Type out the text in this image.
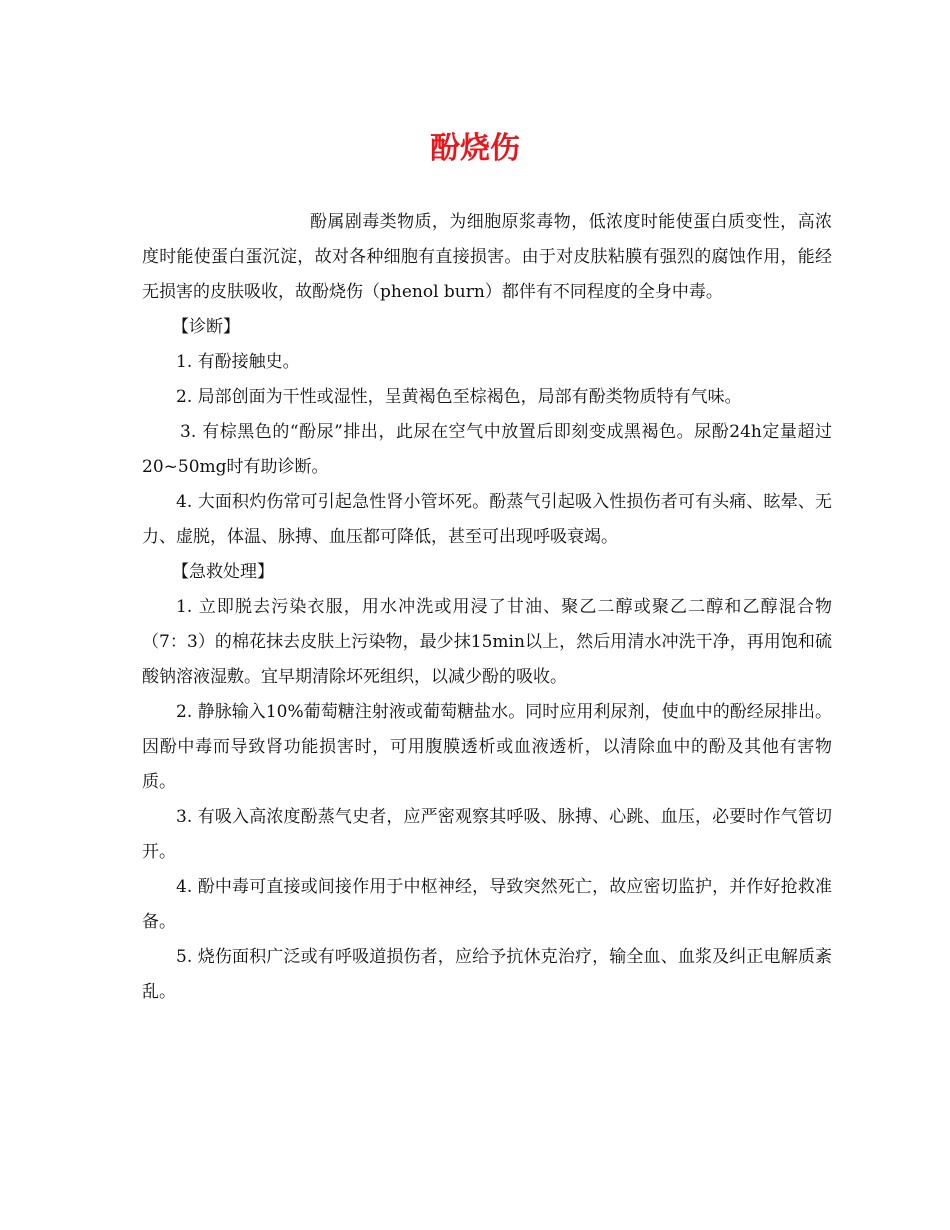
酚烧伤

酚属剧毒类物质，为细胞原浆毒物，低浓度时能使蛋白质变性，高浓度时能使蛋白蛋沉淀，故对各种细胞有直接损害。由于对皮肤粘膜有强烈的腐蚀作用，能经无损害的皮肤吸收，故酚烧伤（phenol burn）都伴有不同程度的全身中毒。

【诊断】

1. 有酚接触史。

2. 局部创面为干性或湿性，呈黄褐色至棕褐色，局部有酚类物质特有气味。

3. 有棕黑色的“酚尿”排出，此尿在空气中放置后即刻变成黑褐色。尿酚24h定量超过20~50mg时有助诊断。

4. 大面积灼伤常可引起急性肾小管坏死。酚蒸气引起吸入性损伤者可有头痛、眩晕、无力、虚脱，体温、脉搏、血压都可降低，甚至可出现呼吸衰竭。

【急救处理】

1. 立即脱去污染衣服，用水冲洗或用浸了甘油、聚乙二醇或聚乙二醇和乙醇混合物（7：3）的棉花抹去皮肤上污染物，最少抹15min以上，然后用清水冲洗干净，再用饱和硫酸钠溶液湿敷。宜早期清除坏死组织，以减少酚的吸收。

2. 静脉输入10%葡萄糖注射液或葡萄糖盐水。同时应用利尿剂，使血中的酚经尿排出。因酚中毒而导致肾功能损害时，可用腹膜透析或血液透析，以清除血中的酚及其他有害物质。

3. 有吸入高浓度酚蒸气史者，应严密观察其呼吸、脉搏、心跳、血压，必要时作气管切开。

4. 酚中毒可直接或间接作用于中枢神经，导致突然死亡，故应密切监护，并作好抢救准备。

5. 烧伤面积广泛或有呼吸道损伤者，应给予抗休克治疗，输全血、血浆及纠正电解质紊乱。
